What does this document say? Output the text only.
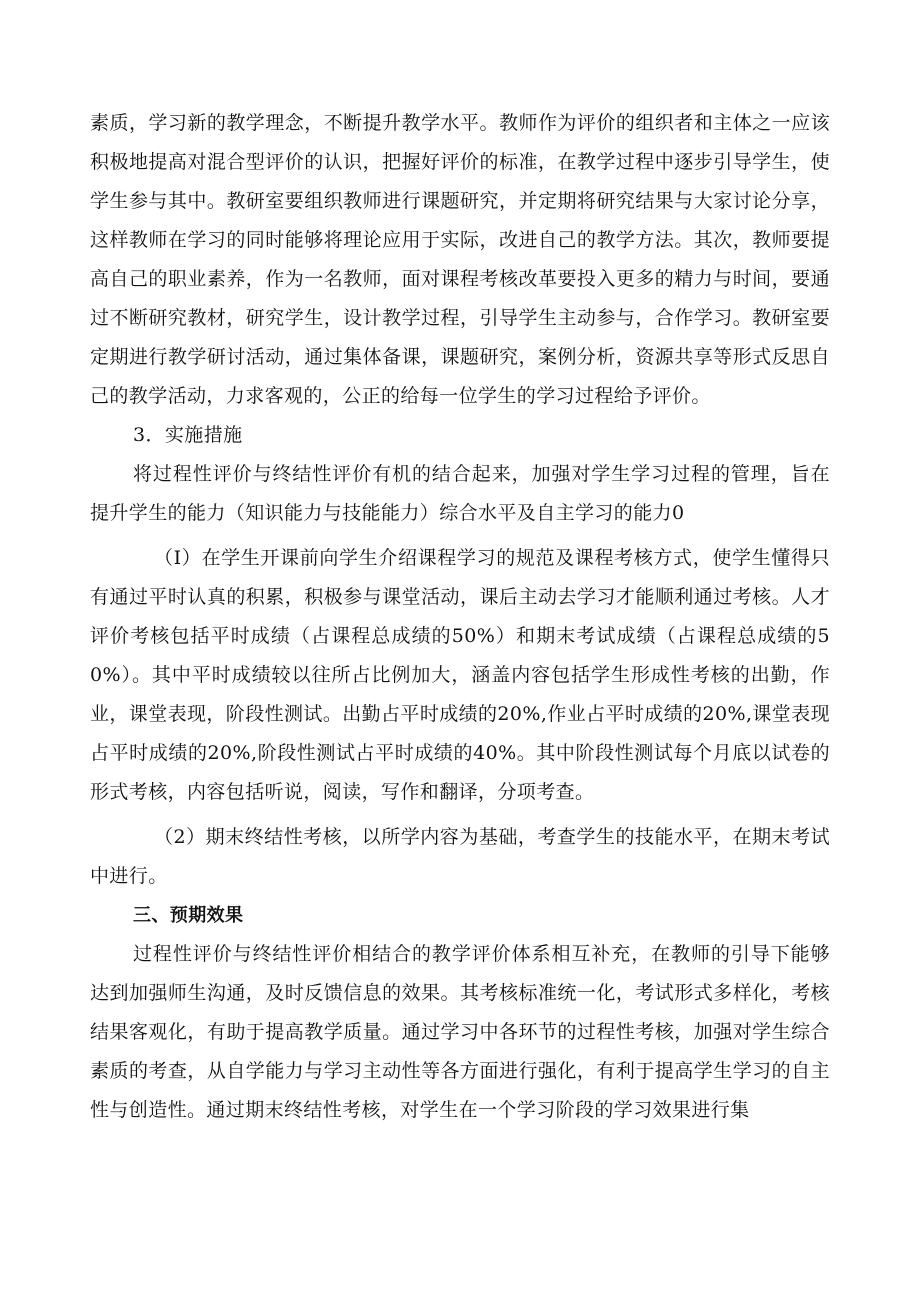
素质，学习新的教学理念，不断提升教学水平。教师作为评价的组织者和主体之一应该积极地提高对混合型评价的认识，把握好评价的标准，在教学过程中逐步引导学生，使学生参与其中。教研室要组织教师进行课题研究，并定期将研究结果与大家讨论分享，这样教师在学习的同时能够将理论应用于实际，改进自己的教学方法。其次，教师要提高自己的职业素养，作为一名教师，面对课程考核改革要投入更多的精力与时间，要通过不断研究教材，研究学生，设计教学过程，引导学生主动参与，合作学习。教研室要定期进行教学研讨活动，通过集体备课，课题研究，案例分析，资源共享等形式反思自己的教学活动，力求客观的，公正的给每一位学生的学习过程给予评价。

3．实施措施

将过程性评价与终结性评价有机的结合起来，加强对学生学习过程的管理，旨在提升学生的能力（知识能力与技能能力）综合水平及自主学习的能力0

（I）在学生开课前向学生介绍课程学习的规范及课程考核方式，使学生懂得只有通过平时认真的积累，积极参与课堂活动，课后主动去学习才能顺利通过考核。人才评价考核包括平时成绩（占课程总成绩的50%）和期末考试成绩（占课程总成绩的50%）。其中平时成绩较以往所占比例加大，涵盖内容包括学生形成性考核的出勤，作业，课堂表现，阶段性测试。出勤占平时成绩的20%,作业占平时成绩的20%,课堂表现占平时成绩的20%,阶段性测试占平时成绩的40%。其中阶段性测试每个月底以试卷的形式考核，内容包括听说，阅读，写作和翻译，分项考查。

（2）期末终结性考核，以所学内容为基础，考查学生的技能水平，在期末考试中进行。

三、预期效果

过程性评价与终结性评价相结合的教学评价体系相互补充，在教师的引导下能够达到加强师生沟通，及时反馈信息的效果。其考核标准统一化，考试形式多样化，考核结果客观化，有助于提高教学质量。通过学习中各环节的过程性考核，加强对学生综合素质的考查，从自学能力与学习主动性等各方面进行强化，有利于提高学生学习的自主性与创造性。通过期末终结性考核，对学生在一个学习阶段的学习效果进行集
